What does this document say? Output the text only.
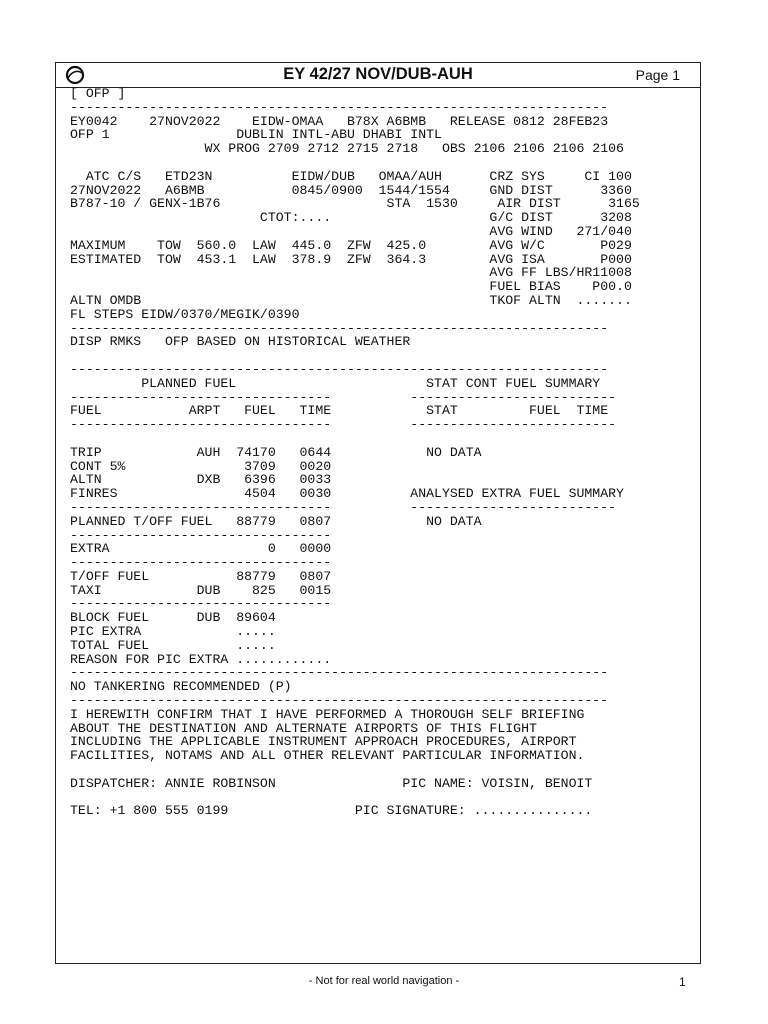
EY 42/27 NOV/DUB-AUH	Page 1
[ OFP ]
--------------------------------------------------------------------
EY0042    27NOV2022    EIDW-OMAA   B78X A6BMB   RELEASE 0812 28FEB23
OFP 1                DUBLIN INTL-ABU DHABI INTL
WX PROG 2709 2712 2715 2718   OBS 2106 2106 2106 2106

ATC C/S   ETD23N          EIDW/DUB   OMAA/AUH      CRZ SYS     CI 100
27NOV2022   A6BMB           0845/0900  1544/1554     GND DIST      3360
B787-10 / GENX-1B76                     STA  1530     AIR DIST      3165
CTOT:....                    G/C DIST      3208
AVG WIND   271/040
MAXIMUM    TOW  560.0  LAW  445.0  ZFW  425.0        AVG W/C       P029
ESTIMATED  TOW  453.1  LAW  378.9  ZFW  364.3        AVG ISA       P000
AVG FF LBS/HR11008
FUEL BIAS    P00.0
ALTN OMDB                                            TKOF ALTN  .......
FL STEPS EIDW/0370/MEGIK/0390
--------------------------------------------------------------------
DISP RMKS   OFP BASED ON HISTORICAL WEATHER

--------------------------------------------------------------------
PLANNED FUEL                        STAT CONT FUEL SUMMARY
---------------------------------          --------------------------
FUEL           ARPT   FUEL   TIME            STAT         FUEL  TIME
---------------------------------          --------------------------

TRIP            AUH  74170   0644            NO DATA
CONT 5%               3709   0020
ALTN            DXB   6396   0033
FINRES                4504   0030          ANALYSED EXTRA FUEL SUMMARY
---------------------------------          --------------------------
PLANNED T/OFF FUEL   88779   0807            NO DATA
---------------------------------
EXTRA                    0   0000
---------------------------------
T/OFF FUEL           88779   0807
TAXI            DUB    825   0015
---------------------------------
BLOCK FUEL      DUB  89604
PIC EXTRA            .....
TOTAL FUEL           .....
REASON FOR PIC EXTRA ............
--------------------------------------------------------------------
NO TANKERING RECOMMENDED (P)
--------------------------------------------------------------------
I HEREWITH CONFIRM THAT I HAVE PERFORMED A THOROUGH SELF BRIEFING
ABOUT THE DESTINATION AND ALTERNATE AIRPORTS OF THIS FLIGHT
INCLUDING THE APPLICABLE INSTRUMENT APPROACH PROCEDURES, AIRPORT
FACILITIES, NOTAMS AND ALL OTHER RELEVANT PARTICULAR INFORMATION.

DISPATCHER: ANNIE ROBINSON                PIC NAME: VOISIN, BENOIT

TEL: +1 800 555 0199                PIC SIGNATURE: ...............

- Not for real world navigation -	1
